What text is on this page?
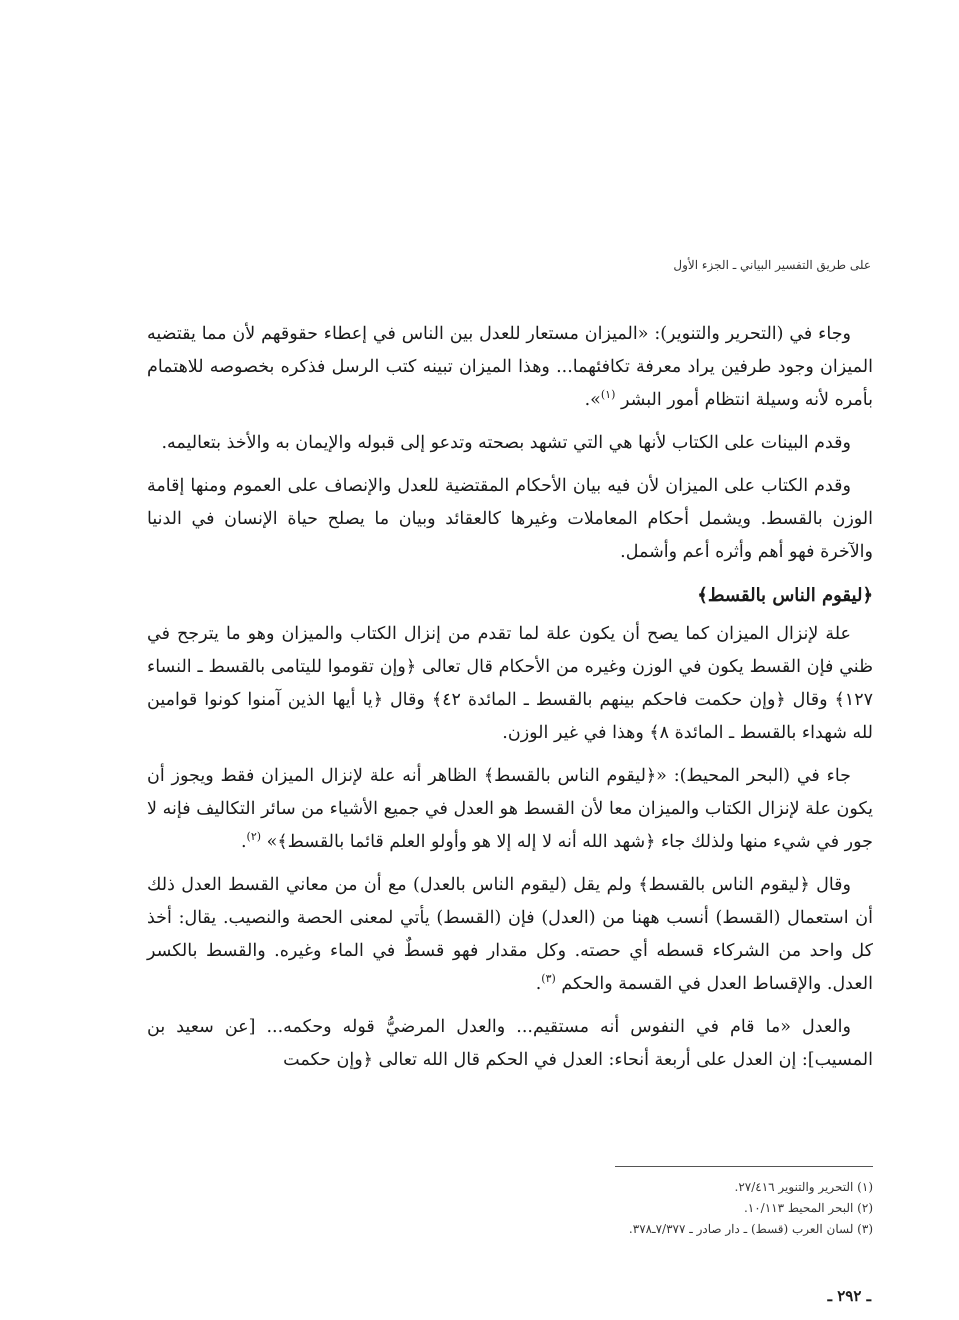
على طريق التفسير البياني ـ الجزء الأول

وجاء في (التحرير والتنوير): «الميزان مستعار للعدل بين الناس في إعطاء حقوقهم لأن مما يقتضيه الميزان وجود طرفين يراد معرفة تكافئهما... وهذا الميزان تبينه كتب الرسل فذكره بخصوصه للاهتمام بأمره لأنه وسيلة انتظام أمور البشر $^{(١)}$».

وقدم البينات على الكتاب لأنها هي التي تشهد بصحته وتدعو إلى قبوله والإيمان به والأخذ بتعاليمه.

وقدم الكتاب على الميزان لأن فيه بيان الأحكام المقتضية للعدل والإنصاف على العموم ومنها إقامة الوزن بالقسط. ويشمل أحكام المعاملات وغيرها كالعقائد وبيان ما يصلح حياة الإنسان في الدنيا والآخرة فهو أهم وأثره أعم وأشمل.

﴿ليقوم الناس بالقسط﴾

علة لإنزال الميزان كما يصح أن يكون علة لما تقدم من إنزال الكتاب والميزان وهو ما يترجح في ظني فإن القسط يكون في الوزن وغيره من الأحكام قال تعالى ﴿وإن تقوموا لليتامى بالقسط ـ النساء ١٢٧﴾ وقال ﴿وإن حكمت فاحكم بينهم بالقسط ـ المائدة ٤٢﴾ وقال ﴿يا أيها الذين آمنوا كونوا قوامين لله شهداء بالقسط ـ المائدة ٨﴾ وهذا في غير الوزن.

جاء في (البحر المحيط): «﴿ليقوم الناس بالقسط﴾ الظاهر أنه علة لإنزال الميزان فقط ويجوز أن يكون علة لإنزال الكتاب والميزان معا لأن القسط هو العدل في جميع الأشياء من سائر التكاليف فإنه لا جور في شيء منها ولذلك جاء ﴿شهد الله أنه لا إله إلا هو وأولو العلم قائما بالقسط﴾» $^{(٢)}$.

وقال ﴿ليقوم الناس بالقسط﴾ ولم يقل (ليقوم الناس بالعدل) مع أن من معاني القسط العدل ذلك أن استعمال (القسط) أنسب ههنا من (العدل) فإن (القسط) يأتي لمعنى الحصة والنصيب. يقال: أخذ كل واحد من الشركاء قسطه أي حصته. وكل مقدار فهو قسطٌ في الماء وغيره. والقسط بالكسر العدل. والإقساط العدل في القسمة والحكم $^{(٣)}$.

والعدل «ما قام في النفوس أنه مستقيم... والعدل المرضيُّ قوله وحكمه... [عن سعيد بن المسيب]: إن العدل على أربعة أنحاء: العدل في الحكم قال الله تعالى ﴿وإن حكمت

(١) التحرير والتنوير ٢٧/٤١٦.

(٢) البحر المحيط ١٠/١١٣.

(٣) لسان العرب (قسط) ـ دار صادر ـ ٧/٣٧٧ـ٣٧٨.

ـ ٢٩٢ ـ
